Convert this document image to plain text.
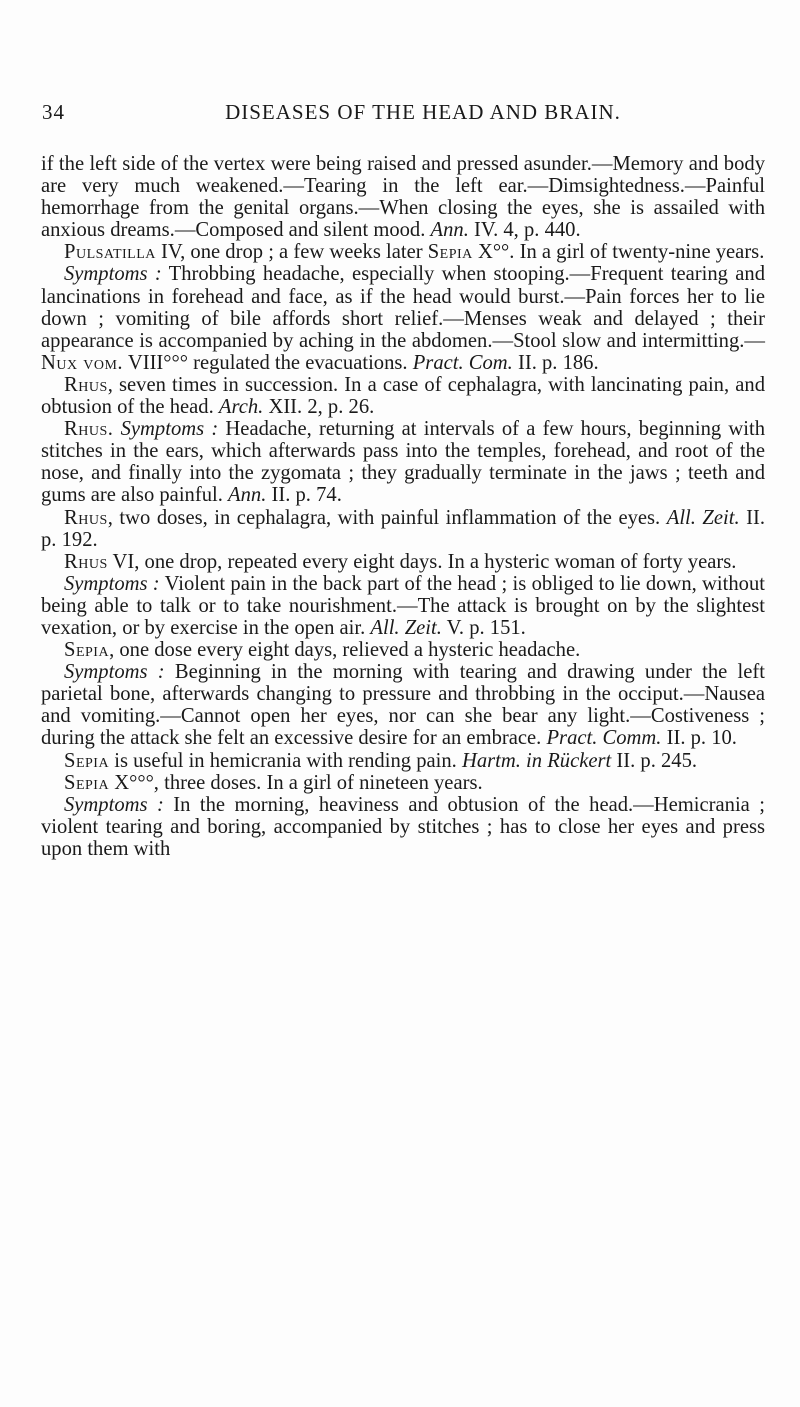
34	DISEASES OF THE HEAD AND BRAIN.

if the left side of the vertex were being raised and pressed asunder.—Memory and body are very much weakened.—Tearing in the left ear.—Dimsightedness.—Painful hemorrhage from the genital organs.—When closing the eyes, she is assailed with anxious dreams.—Composed and silent mood. Ann. IV. 4, p. 440.

Pulsatilla IV, one drop ; a few weeks later Sepia X°°. In a girl of twenty-nine years.

Symptoms : Throbbing headache, especially when stooping.—Frequent tearing and lancinations in forehead and face, as if the head would burst.—Pain forces her to lie down ; vomiting of bile affords short relief.—Menses weak and delayed ; their appearance is accompanied by aching in the abdomen.—Stool slow and intermitting.—Nux vom. VIII°°° regulated the evacuations. Pract. Com. II. p. 186.

Rhus, seven times in succession. In a case of cephalagra, with lancinating pain, and obtusion of the head. Arch. XII. 2, p. 26.

Rhus. Symptoms : Headache, returning at intervals of a few hours, beginning with stitches in the ears, which afterwards pass into the temples, forehead, and root of the nose, and finally into the zygomata ; they gradually terminate in the jaws ; teeth and gums are also painful. Ann. II. p. 74.

Rhus, two doses, in cephalagra, with painful inflammation of the eyes. All. Zeit. II. p. 192.

Rhus VI, one drop, repeated every eight days. In a hysteric woman of forty years.

Symptoms : Violent pain in the back part of the head ; is obliged to lie down, without being able to talk or to take nourishment.—The attack is brought on by the slightest vexation, or by exercise in the open air. All. Zeit. V. p. 151.

Sepia, one dose every eight days, relieved a hysteric headache.

Symptoms : Beginning in the morning with tearing and drawing under the left parietal bone, afterwards changing to pressure and throbbing in the occiput.—Nausea and vomiting.—Cannot open her eyes, nor can she bear any light.—Costiveness ; during the attack she felt an excessive desire for an embrace. Pract. Comm. II. p. 10.

Sepia is useful in hemicrania with rending pain. Hartm. in Rückert II. p. 245.

Sepia X°°°, three doses. In a girl of nineteen years.

Symptoms : In the morning, heaviness and obtusion of the head.—Hemicrania ; violent tearing and boring, accompanied by stitches ; has to close her eyes and press upon them with
